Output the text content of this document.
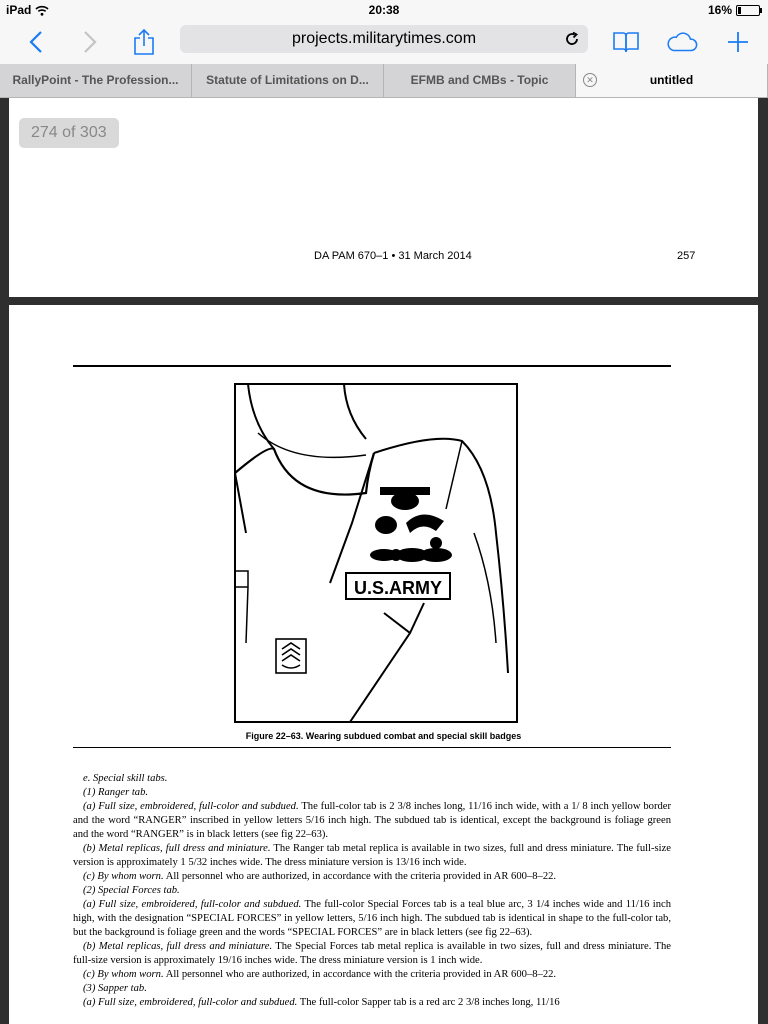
iPad	20:38	16%
projects.militarytimes.com
RallyPoint - The Profession...	Statute of Limitations on D...	EFMB and CMBs - Topic	✕	untitled
274 of 303
DA PAM 670–1 • 31 March 2014	257
U.S.ARMY
Figure 22–63. Wearing subdued combat and special skill badges

e. Special skill tabs.

(1) Ranger tab.

(a) Full size, embroidered, full-color and subdued. The full-color tab is 2 3/8 inches long, 11/16 inch wide, with a 1/ 8 inch yellow border and the word “RANGER” inscribed in yellow letters 5/16 inch high. The subdued tab is identical, except the background is foliage green and the word “RANGER” is in black letters (see fig 22–63).

(b) Metal replicas, full dress and miniature. The Ranger tab metal replica is available in two sizes, full and dress miniature. The full-size version is approximately 1 5/32 inches wide. The dress miniature version is 13/16 inch wide.

(c) By whom worn. All personnel who are authorized, in accordance with the criteria provided in AR 600–8–22.

(2) Special Forces tab.

(a) Full size, embroidered, full-color and subdued. The full-color Special Forces tab is a teal blue arc, 3 1/4 inches wide and 11/16 inch high, with the designation “SPECIAL FORCES” in yellow letters, 5/16 inch high. The subdued tab is identical in shape to the full-color tab, but the background is foliage green and the words “SPECIAL FORCES” are in black letters (see fig 22–63).

(b) Metal replicas, full dress and miniature. The Special Forces tab metal replica is available in two sizes, full and dress miniature. The full-size version is approximately 19/16 inches wide. The dress miniature version is 1 inch wide.

(c) By whom worn. All personnel who are authorized, in accordance with the criteria provided in AR 600–8–22.

(3) Sapper tab.

(a) Full size, embroidered, full-color and subdued. The full-color Sapper tab is a red arc 2 3/8 inches long, 11/16
